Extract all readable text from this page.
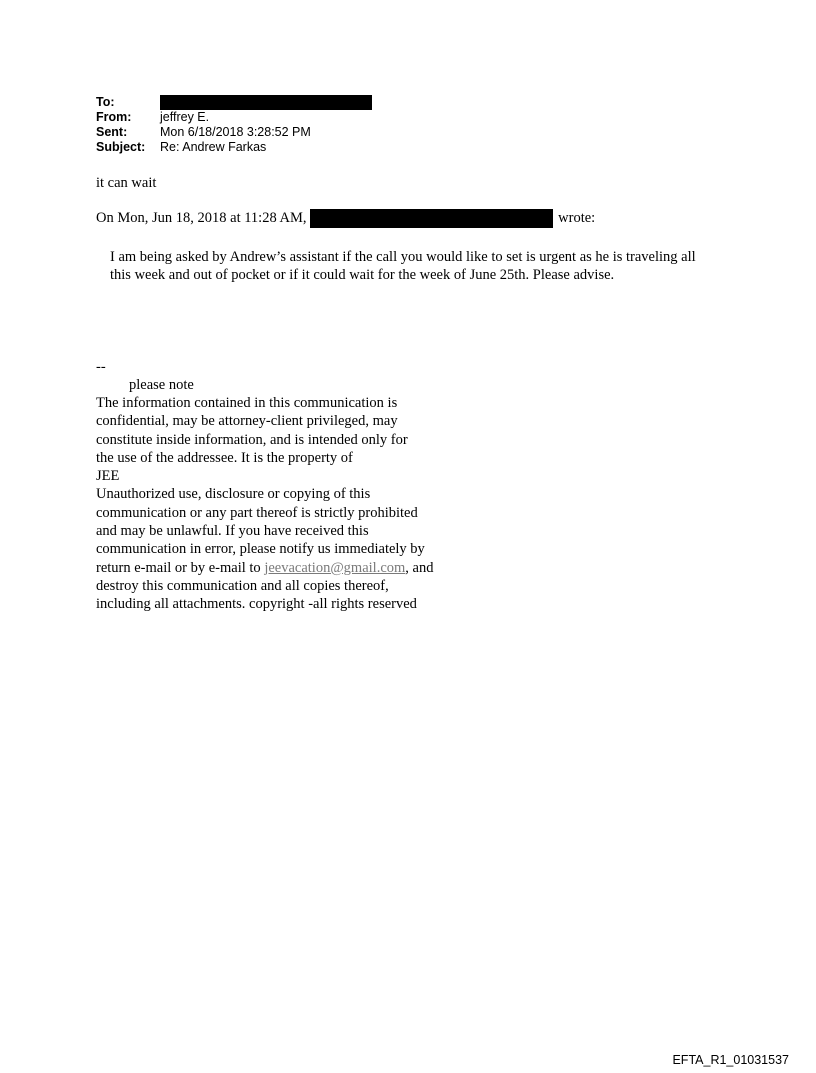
To:
From:	jeffrey E.
Sent:	Mon 6/18/2018 3:28:52 PM
Subject:	Re: Andrew Farkas
it can wait
On Mon, Jun 18, 2018 at 11:28 AM,
	wrote:
I am being asked by Andrew’s assistant if the call you would like to set is urgent as he is traveling all this week and out of pocket or if it could wait for the week of June 25th. Please advise.
--
please note
The information contained in this communication is
confidential, may be attorney-client privileged, may
constitute inside information, and is intended only for
the use of the addressee. It is the property of
JEE
Unauthorized use, disclosure or copying of this
communication or any part thereof is strictly prohibited
and may be unlawful. If you have received this
communication in error, please notify us immediately by
return e-mail or by e-mail to jeevacation@gmail.com, and
destroy this communication and all copies thereof,
including all attachments. copyright -all rights reserved
EFTA_R1_01031537
